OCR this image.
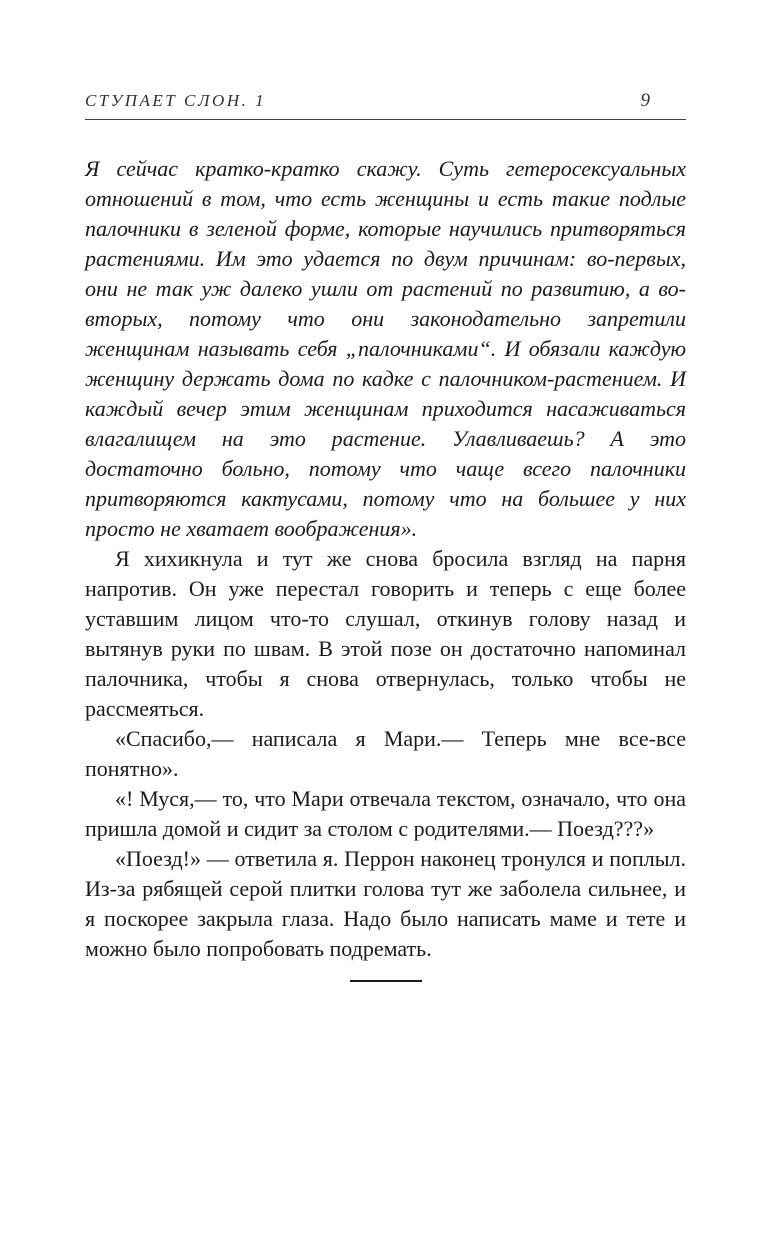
СТУПАЕТ СЛОН. 1	9

Я сейчас кратко-кратко скажу. Суть гетеросексуальных отношений в том, что есть женщины и есть такие подлые палочники в зеленой форме, которые научились притворяться растениями. Им это удается по двум причинам: во-первых, они не так уж далеко ушли от растений по развитию, а во-вторых, потому что они законодательно запретили женщинам называть себя „палочниками“. И обязали каждую женщину держать дома по кадке с палочником-растением. И каждый вечер этим женщинам приходится насаживаться влагалищем на это растение. Улавливаешь? А это достаточно больно, потому что чаще всего палочники притворяются кактусами, потому что на большее у них просто не хватает воображения».

Я хихикнула и тут же снова бросила взгляд на парня напротив. Он уже перестал говорить и теперь с еще более уставшим лицом что-то слушал, откинув голову назад и вытянув руки по швам. В этой позе он достаточно напоминал палочника, чтобы я снова отвернулась, только чтобы не рассмеяться.

«Спасибо,— написала я Мари.— Теперь мне все-все понятно».

«! Муся,— то, что Мари отвечала текстом, означало, что она пришла домой и сидит за столом с родителями.— Поезд???»

«Поезд!» — ответила я. Перрон наконец тронулся и поплыл. Из-за рябящей серой плитки голова тут же заболела сильнее, и я поскорее закрыла глаза. Надо было написать маме и тете и можно было попробовать подремать.
